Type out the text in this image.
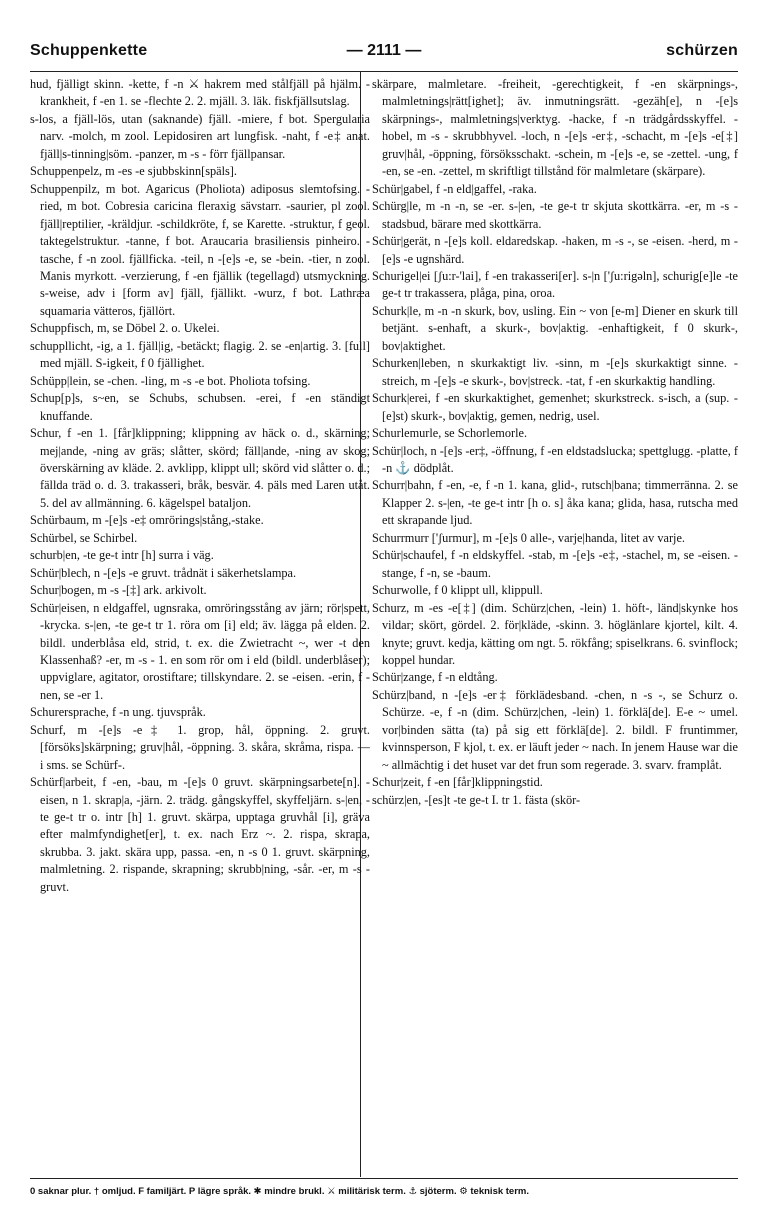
Schuppenkette	— 2111 —	schürzen

hud, fjälligt skinn. -kette, f -n ⚔ hakrem med stålfjäll på hjälm. -krankheit, f -en 1. se -flechte 2. 2. mjäll. 3. läk. fiskfjällsutslag.

s-los, a fjäll-lös, utan (saknande) fjäll. -miere, f bot. Spergularia narv. -molch, m zool. Lepidosiren art lungfisk. -naht, f -e‡ anat. fjäll|s-tinning|söm. -panzer, m -s - förr fjällpansar.

Schuppenpelz, m -es -e sjubbskinn[späls].

Schuppenpilz, m bot. Agaricus (Pholiota) adiposus slemtofsing. -ried, m bot. Cobresia caricina fleraxig sävstarr. -saurier, pl zool. fjäll|reptilier, -kräldjur. -schildkröte, f, se Karette. -struktur, f geol. taktegelstruktur. -tanne, f bot. Araucaria brasiliensis pinheiro. -tasche, f -n zool. fjällficka. -teil, n -[e]s -e, se -bein. -tier, n zool. Manis myrkott. -verzierung, f -en fjällik (tegellagd) utsmyckning. s-weise, adv i [form av] fjäll, fjällikt. -wurz, f bot. Lathræa squamaria vätteros, fjällört.

Schuppfisch, m, se Döbel 2. o. Ukelei.

schuppllicht, -ig, a 1. fjäll|ig, -betäckt; flagig. 2. se -en|artig. 3. [full] med mjäll. S-igkeit, f 0 fjällighet.

Schüpp|lein, se -chen. -ling, m -s -e bot. Pholiota tofsing.

Schup[p]s, s~en, se Schubs, schubsen. -erei, f -en ständigt knuffande.

Schur, f -en 1. [får]klippning; klippning av häck o. d., skärning; mej|ande, -ning av gräs; slåtter, skörd; fäll|ande, -ning av skog; överskärning av kläde. 2. avklipp, klippt ull; skörd vid slåtter o. d.; fällda träd o. d. 3. trakasseri, bråk, besvär. 4. päls med Laren utåt. 5. del av allmänning. 6. kägelspel bataljon.

Schürbaum, m -[e]s -e‡ omrörings|stång,-stake.

Schürbel, se Schirbel.

schurb|en, -te ge-t intr [h] surra i väg.

Schür|blech, n -[e]s -e gruvt. trådnät i säkerhetslampa.

Schur|bogen, m -s -[‡] ark. arkivolt.

Schür|eisen, n eldgaffel, ugnsraka, omröringsstång av järn; rör|spett, -krycka. s-|en, -te ge-t tr 1. röra om [i] eld; äv. lägga på elden. 2. bildl. underblåsa eld, strid, t. ex. die Zwietracht ~, wer -t den Klassenhaß? -er, m -s - 1. en som rör om i eld (bildl. underblåser); uppviglare, agitator, orostiftare; tillskyndare. 2. se -eisen. -erin, f -nen, se -er 1.

Schurersprache, f -n ung. tjuvspråk.

Schurf, m -[e]s -e‡ 1. grop, hål, öppning. 2. gruvt. [försöks]skärpning; gruv|hål, -öppning. 3. skåra, skråma, rispa. — i sms. se Schürf-.

Schürf|arbeit, f -en, -bau, m -[e]s 0 gruvt. skärpningsarbete[n]. -eisen, n 1. skrap|a, -järn. 2. trädg. gångskyffel, skyffeljärn. s-|en, -te ge-t tr o. intr [h] 1. gruvt. skärpa, upptaga gruvhål [i], gräva efter malmfyndighet[er], t. ex. nach Erz ~. 2. rispa, skrapa, skrubba. 3. jakt. skära upp, passa. -en, n -s 0 1. gruvt. skärpning, malmletning. 2. rispande, skrapning; skrubb|ning, -sår. -er, m -s - gruvt.

skärpare, malmletare. -freiheit, -gerechtigkeit, f -en skärpnings-, malmletnings|rätt[ighet]; äv. inmutningsrätt. -gezäh[e], n -[e]s skärpnings-, malmletnings|verktyg. -hacke, f -n trädgårdsskyffel. -hobel, m -s - skrubbhyvel. -loch, n -[e]s -er‡, -schacht, m -[e]s -e[‡] gruv|hål, -öppning, försöksschakt. -schein, m -[e]s -e, se -zettel. -ung, f -en, se -en. -zettel, m skriftligt tillstånd för malmletare (skärpare).

Schür|gabel, f -n eld|gaffel, -raka.

Schürg|le, m -n -n, se -er. s-|en, -te ge-t tr skjuta skottkärra. -er, m -s - stadsbud, bärare med skottkärra.

Schür|gerät, n -[e]s koll. eldaredskap. -haken, m -s -, se -eisen. -herd, m -[e]s -e ugnshärd.

Schurigel|ei [ʃu:r-'lai], f -en trakasseri[er]. s-|n ['ʃu:rigəln], schurig[e]le -te ge-t tr trakassera, plåga, pina, oroa.

Schurk|le, m -n -n skurk, bov, usling. Ein ~ von [e-m] Diener en skurk till betjänt. s-enhaft, a skurk-, bov|aktig. -enhaftigkeit, f 0 skurk-, bov|aktighet.

Schurken|leben, n skurkaktigt liv. -sinn, m -[e]s skurkaktigt sinne. -streich, m -[e]s -e skurk-, bov|streck. -tat, f -en skurkaktig handling.

Schurk|erei, f -en skurkaktighet, gemenhet; skurkstreck. s-isch, a (sup. -[e]st) skurk-, bov|aktig, gemen, nedrig, usel.

Schurlemurle, se Schorlemorle.

Schür|loch, n -[e]s -er‡, -öffnung, f -en eldstadslucka; spettglugg. -platte, f -n ⚓ dödplåt.

Schurr|bahn, f -en, -e, f -n 1. kana, glid-, rutsch|bana; timmerränna. 2. se Klapper 2. s-|en, -te ge-t intr [h o. s] åka kana; glida, hasa, rutscha med ett skrapande ljud.

Schurrmurr ['ʃurmur], m -[e]s 0 alle-, varje|handa, litet av varje.

Schür|schaufel, f -n eldskyffel. -stab, m -[e]s -e‡, -stachel, m, se -eisen. -stange, f -n, se -baum.

Schurwolle, f 0 klippt ull, klippull.

Schurz, m -es -e[‡] (dim. Schürz|chen, -lein) 1. höft-, länd|skynke hos vildar; skört, gördel. 2. för|kläde, -skinn. 3. höglänlare kjortel, kilt. 4. knyte; gruvt. kedja, kätting om ngt. 5. rökfång; spiselkrans. 6. svinflock; koppel hundar.

Schür|zange, f -n eldtång.

Schürz|band, n -[e]s -er‡ förklädesband. -chen, n -s -, se Schurz o. Schürze. -e, f -n (dim. Schürz|chen, -lein) 1. förklä[de]. E-e ~ umel. vor|binden sätta (ta) på sig ett förklä[de]. 2. bildl. F fruntimmer, kvinnsperson, F kjol, t. ex. er läuft jeder ~ nach. In jenem Hause war die ~ allmächtig i det huset var det frun som regerade. 3. svarv. framplåt.

Schur|zeit, f -en [får]klippningstid.

schürz|en, -[es]t -te ge-t I. tr 1. fästa (skör-

0 saknar plur. † omljud. F familjärt. P lägre språk. ✱ mindre brukl. ⚔ militärisk term. ⚓ sjöterm. ⚙ teknisk term.
